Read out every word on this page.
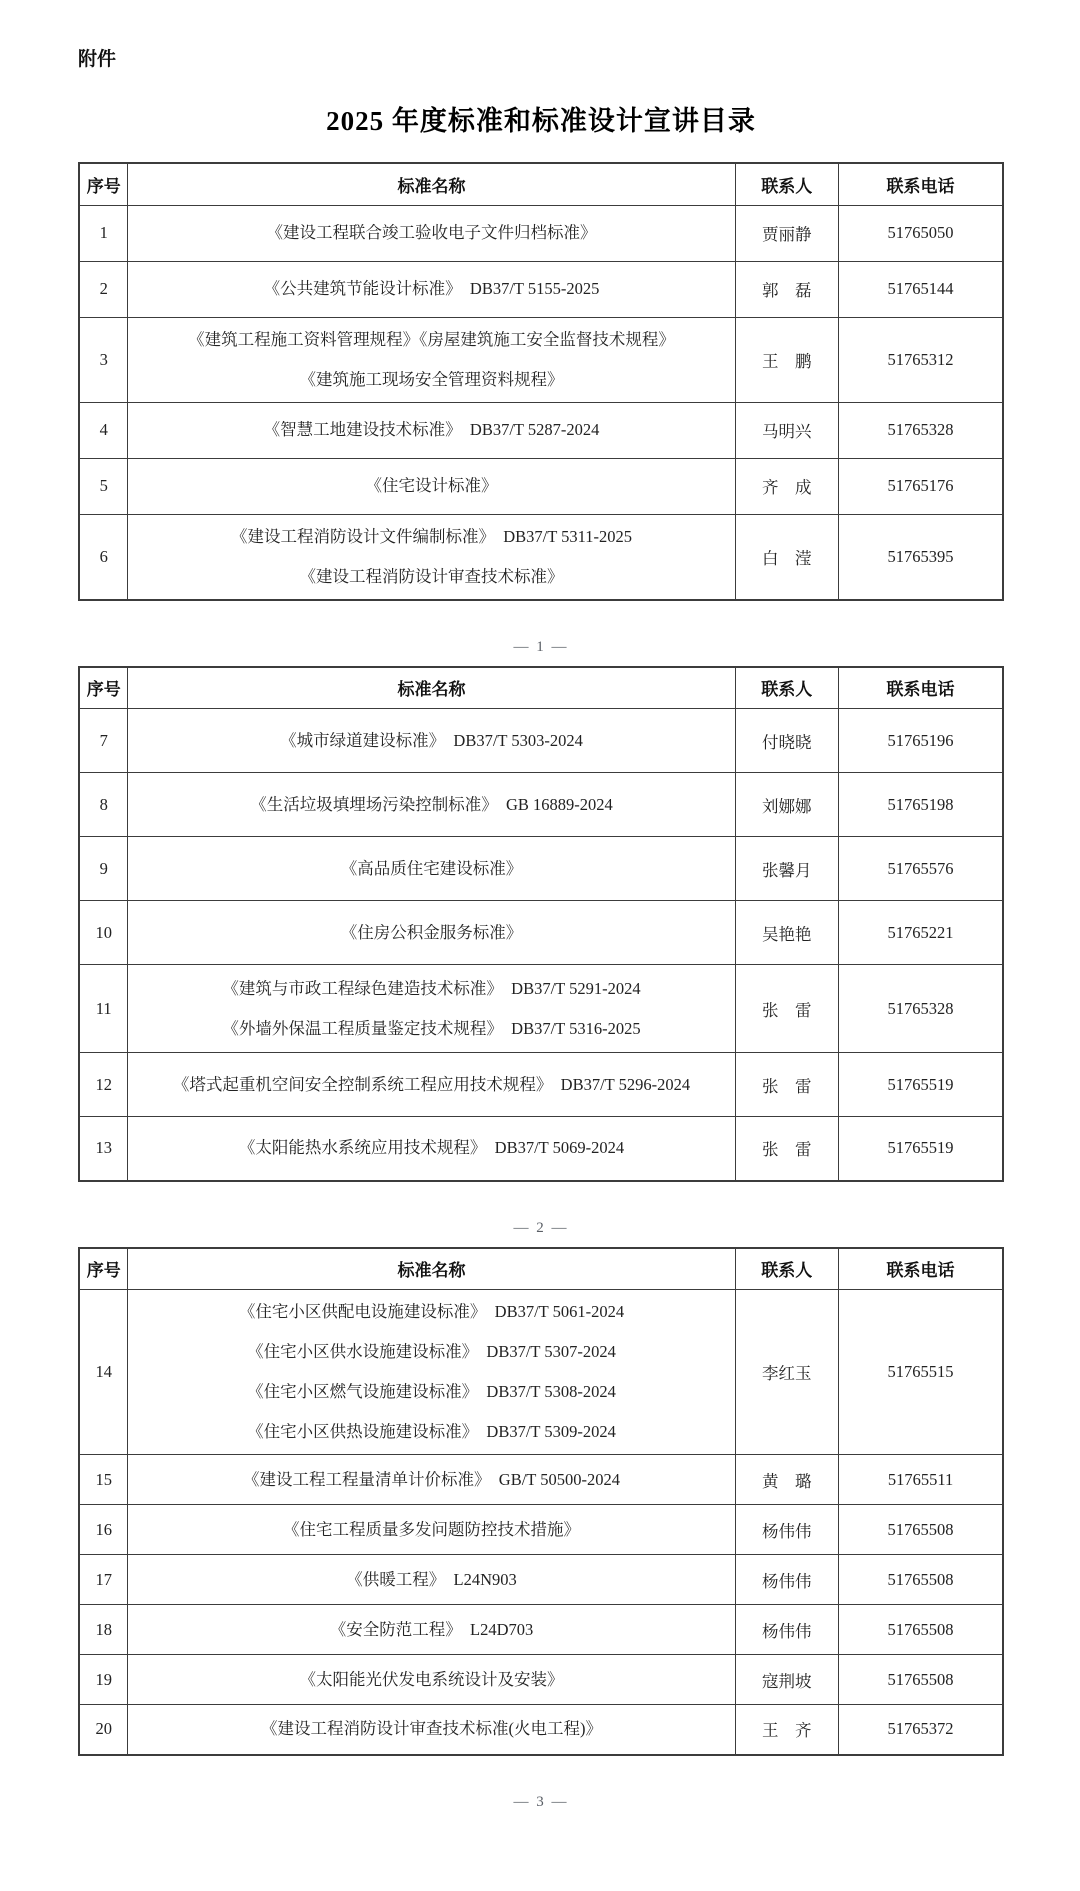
附件
2025 年度标准和标准设计宣讲目录
序号	标准名称	联系人	联系电话
1	《建设工程联合竣工验收电子文件归档标准》	贾丽静	51765050
2	《公共建筑节能设计标准》　DB37/T 5155-2025	郭　磊	51765144
3	《建筑工程施工资料管理规程》《房屋建筑施工安全监督技术规程》
《建筑施工现场安全管理资料规程》	王　鹏	51765312
4	《智慧工地建设技术标准》　DB37/T 5287-2024	马明兴	51765328
5	《住宅设计标准》	齐　成	51765176
6	《建设工程消防设计文件编制标准》　DB37/T 5311-2025
《建设工程消防设计审查技术标准》	白　滢	51765395
— 1 —
序号	标准名称	联系人	联系电话
7	《城市绿道建设标准》　DB37/T 5303-2024	付晓晓	51765196
8	《生活垃圾填埋场污染控制标准》　GB 16889-2024	刘娜娜	51765198
9	《高品质住宅建设标准》	张馨月	51765576
10	《住房公积金服务标准》	吴艳艳	51765221
11	《建筑与市政工程绿色建造技术标准》　DB37/T 5291-2024
《外墙外保温工程质量鉴定技术规程》　DB37/T 5316-2025	张　雷	51765328
12	《塔式起重机空间安全控制系统工程应用技术规程》　DB37/T 5296-2024	张　雷	51765519
13	《太阳能热水系统应用技术规程》　DB37/T 5069-2024	张　雷	51765519
— 2 —
序号	标准名称	联系人	联系电话
14	《住宅小区供配电设施建设标准》　DB37/T 5061-2024
《住宅小区供水设施建设标准》　DB37/T 5307-2024
《住宅小区燃气设施建设标准》　DB37/T 5308-2024
《住宅小区供热设施建设标准》　DB37/T 5309-2024	李红玉	51765515
15	《建设工程工程量清单计价标准》　GB/T 50500-2024	黄　璐	51765511
16	《住宅工程质量多发问题防控技术措施》	杨伟伟	51765508
17	《供暖工程》　L24N903	杨伟伟	51765508
18	《安全防范工程》　L24D703	杨伟伟	51765508
19	《太阳能光伏发电系统设计及安装》	寇荆坡	51765508
20	《建设工程消防设计审查技术标准(火电工程)》	王　齐	51765372
— 3 —
